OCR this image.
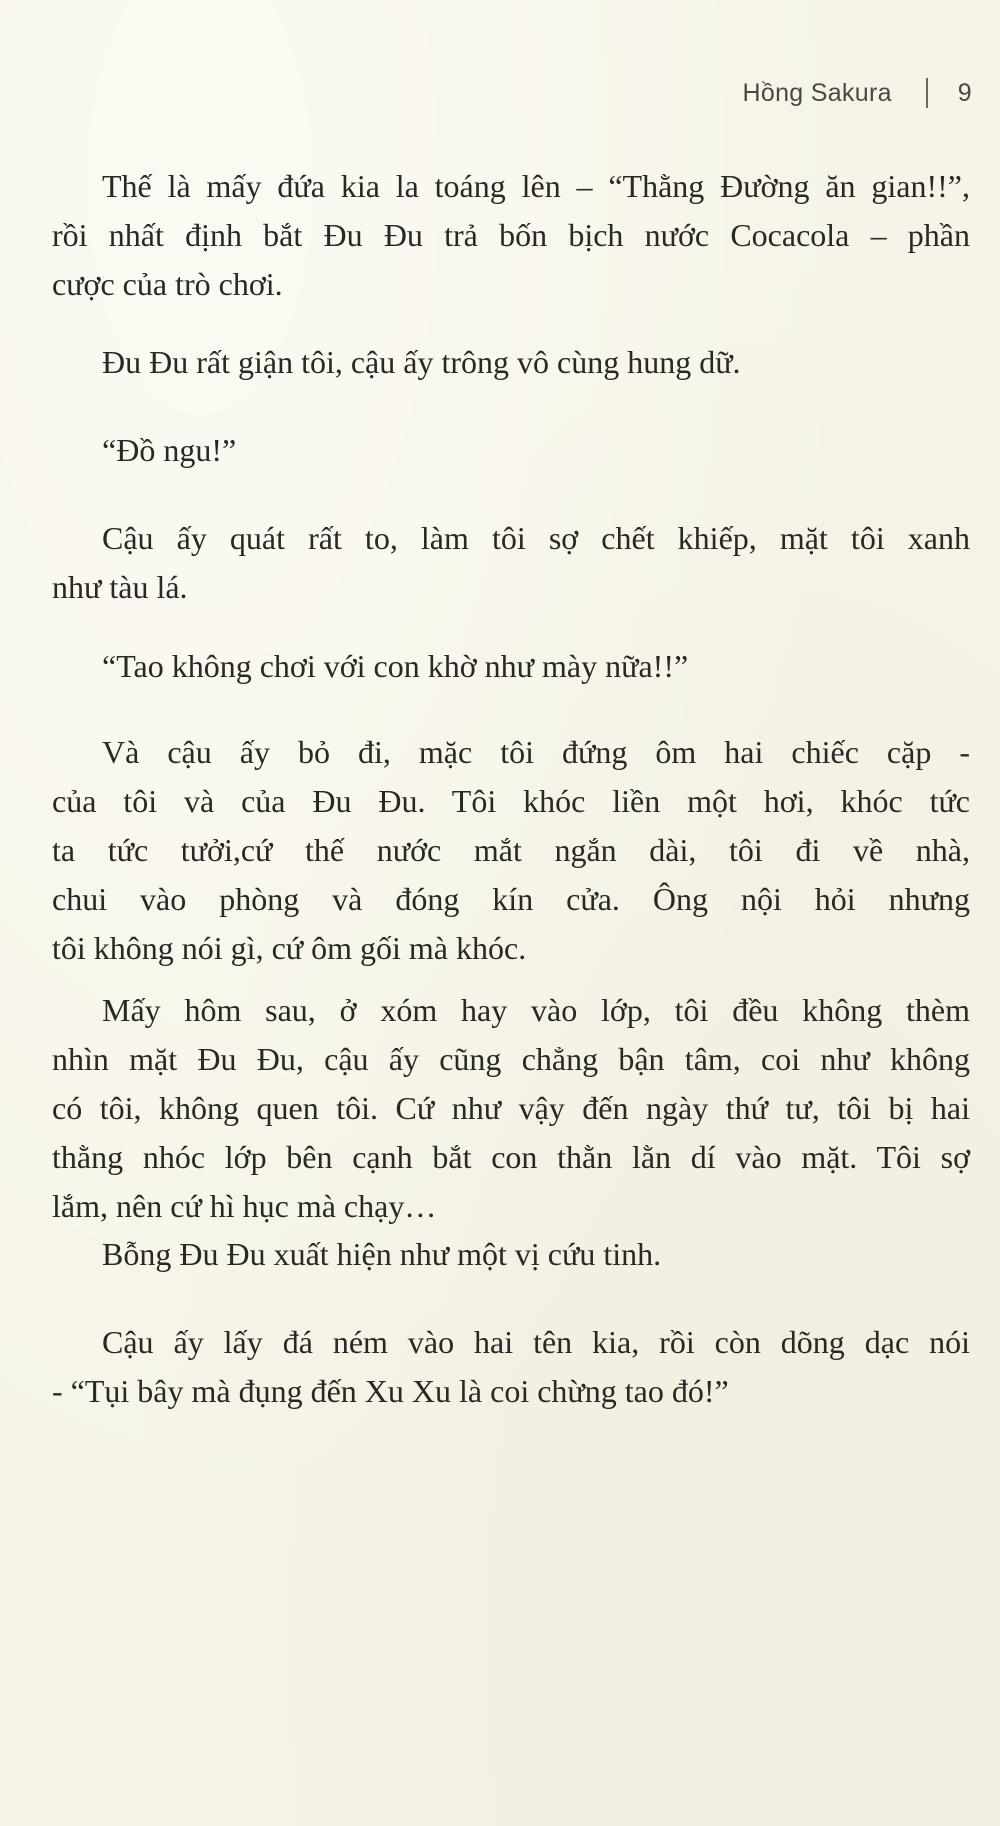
Hồng Sakura	9
Thế là mấy đứa kia la toáng lên – “Thằng Đường ăn gian!!”,
rồi nhất định bắt Đu Đu trả bốn bịch nước Cocacola – phần
cược của trò chơi.
Đu Đu rất giận tôi, cậu ấy trông vô cùng hung dữ.
“Đồ ngu!”
Cậu ấy quát rất to, làm tôi sợ chết khiếp, mặt tôi xanh
như tàu lá.
“Tao không chơi với con khờ như mày nữa!!”
Và cậu ấy bỏ đi, mặc tôi đứng ôm hai chiếc cặp -
của tôi và của Đu Đu. Tôi khóc liền một hơi, khóc tức
ta tức tưởi,cứ thế nước mắt ngắn dài, tôi đi về nhà,
chui vào phòng và đóng kín cửa. Ông nội hỏi nhưng
tôi không nói gì, cứ ôm gối mà khóc.
Mấy hôm sau, ở xóm hay vào lớp, tôi đều không thèm
nhìn mặt Đu Đu, cậu ấy cũng chẳng bận tâm, coi như không
có tôi, không quen tôi. Cứ như vậy đến ngày thứ tư, tôi bị hai
thằng nhóc lớp bên cạnh bắt con thằn lằn dí vào mặt. Tôi sợ
lắm, nên cứ hì hục mà chạy…
Bỗng Đu Đu xuất hiện như một vị cứu tinh.
Cậu ấy lấy đá ném vào hai tên kia, rồi còn dõng dạc nói
- “Tụi bây mà đụng đến Xu Xu là coi chừng tao đó!”
